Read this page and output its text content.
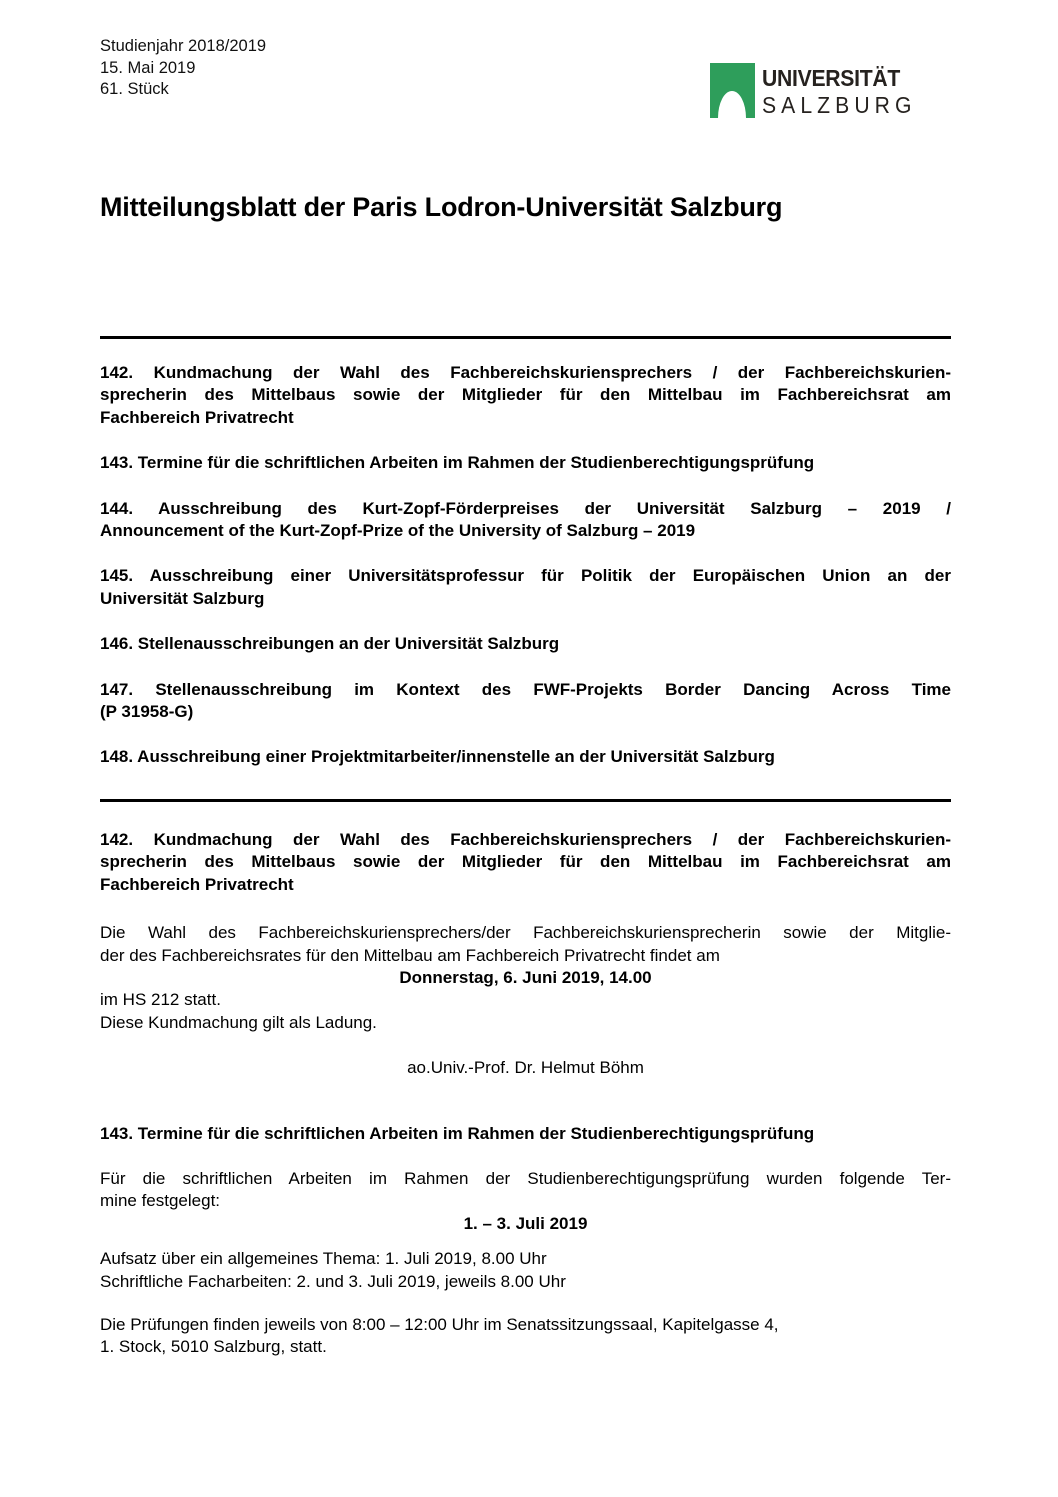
Studienjahr 2018/2019
15. Mai 2019
61. Stück	UNIVERSITÄT
SALZBURG
Mitteilungsblatt der Paris Lodron-Universität Salzburg
142. Kundmachung der Wahl des Fachbereichskuriensprechers / der Fachbereichskurien-
sprecherin des Mittelbaus sowie der Mitglieder für den Mittelbau im Fachbereichsrat am
Fachbereich Privatrecht
143. Termine für die schriftlichen Arbeiten im Rahmen der Studienberechtigungsprüfung
144. Ausschreibung des Kurt-Zopf-Förderpreises der Universität Salzburg – 2019 /
Announcement of the Kurt-Zopf-Prize of the University of Salzburg – 2019
145. Ausschreibung einer Universitätsprofessur für Politik der Europäischen Union an der
Universität Salzburg
146. Stellenausschreibungen an der Universität Salzburg
147. Stellenausschreibung im Kontext des FWF-Projekts Border Dancing Across Time
(P 31958-G)
148. Ausschreibung einer Projektmitarbeiter/innenstelle an der Universität Salzburg
142. Kundmachung der Wahl des Fachbereichskuriensprechers / der Fachbereichskurien-
sprecherin des Mittelbaus sowie der Mitglieder für den Mittelbau im Fachbereichsrat am
Fachbereich Privatrecht
Die Wahl des Fachbereichskuriensprechers/der Fachbereichskuriensprecherin sowie der Mitglie-
der des Fachbereichsrates für den Mittelbau am Fachbereich Privatrecht findet am
Donnerstag, 6. Juni 2019, 14.00
im HS 212 statt.
Diese Kundmachung gilt als Ladung.
ao.Univ.-Prof. Dr. Helmut Böhm
143. Termine für die schriftlichen Arbeiten im Rahmen der Studienberechtigungsprüfung
Für die schriftlichen Arbeiten im Rahmen der Studienberechtigungsprüfung wurden folgende Ter-
mine festgelegt:
1. – 3. Juli 2019
Aufsatz über ein allgemeines Thema: 1. Juli 2019, 8.00 Uhr
Schriftliche Facharbeiten: 2. und 3. Juli 2019, jeweils 8.00 Uhr
Die Prüfungen finden jeweils von 8:00 – 12:00 Uhr im Senatssitzungssaal, Kapitelgasse 4,
1. Stock, 5010 Salzburg, statt.
